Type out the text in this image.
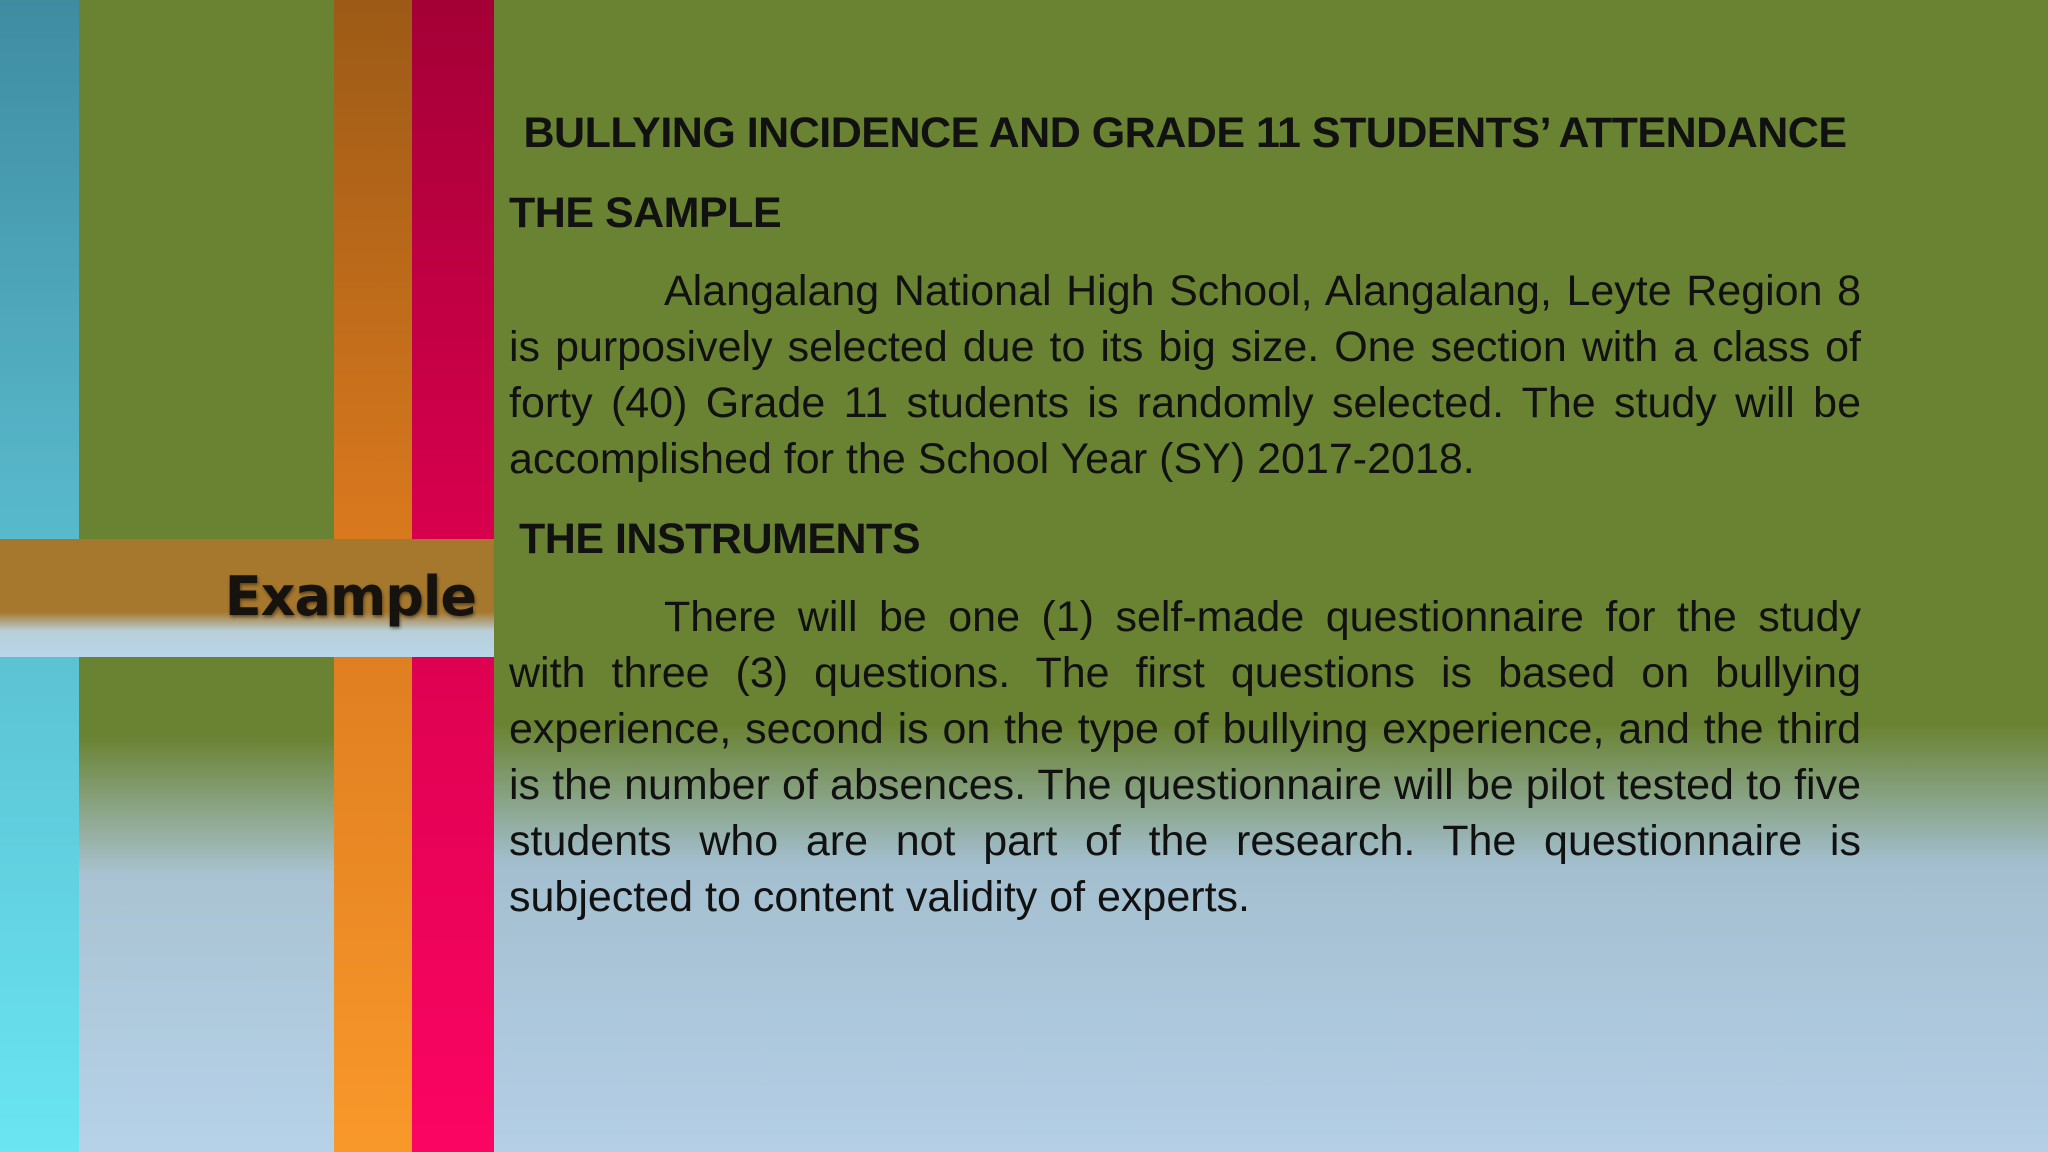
Example
BULLYING INCIDENCE AND GRADE 11 STUDENTS’ ATTENDANCE
THE SAMPLE

Alangalang National High School, Alangalang, Leyte Region 8 is purposively selected due to its big size. One section with a class of forty (40) Grade 11 students is randomly selected. The study will be accomplished for the School Year (SY) 2017-2018.

THE INSTRUMENTS

There will be one (1) self-made questionnaire for the study with three (3) questions. The first questions is based on bullying experience, second is on the type of bullying experience, and the third is the number of absences. The questionnaire will be pilot tested to five students who are not part of the research. The questionnaire is subjected to content validity of experts.
